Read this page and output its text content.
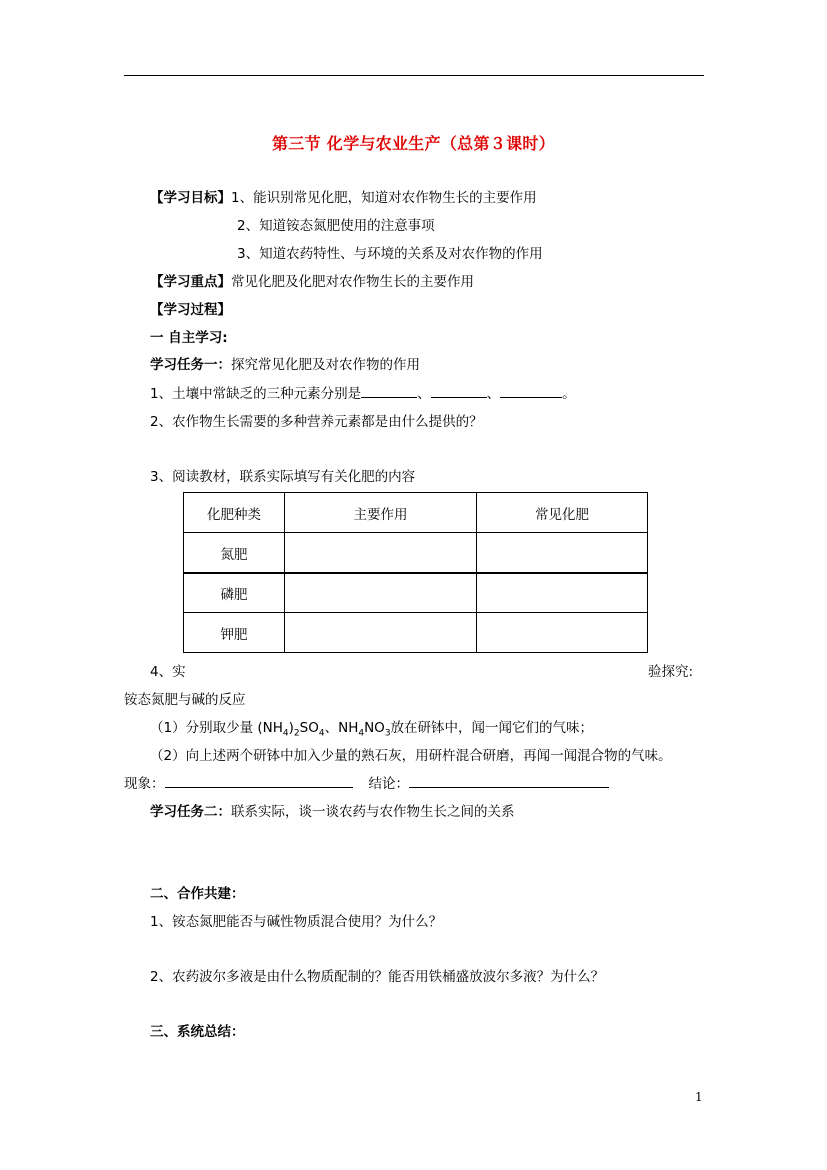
第三节 化学与农业生产（总第３课时）
【学习目标】1、能识别常见化肥，知道对农作物生长的主要作用
2、知道铵态氮肥使用的注意事项
3、知道农药特性、与环境的关系及对农作物的作用
【学习重点】常见化肥及化肥对农作物生长的主要作用
【学习过程】
一 自主学习:
学习任务一：探究常见化肥及对农作物的作用
1、土壤中常缺乏的三种元素分别是	、	、	。
2、农作物生长需要的多种营养元素都是由什么提供的？
3、阅读教材，联系实际填写有关化肥的内容
化肥种类	主要作用	常见化肥
氮肥		
磷肥		
钾肥		
4、实	验探究:
铵态氮肥与碱的反应
（1）分别取少量 $(NH_4)_2SO_4$、$NH_4NO_3$放在研钵中，闻一闻它们的气味；
（2）向上述两个研钵中加入少量的熟石灰，用研杵混合研磨，再闻一闻混合物的气味。
现象：	结论：
学习任务二：联系实际，谈一谈农药与农作物生长之间的关系
二、合作共建：
1、铵态氮肥能否与碱性物质混合使用？为什么？
2、农药波尔多液是由什么物质配制的？能否用铁桶盛放波尔多液？为什么？
三、系统总结：
1
